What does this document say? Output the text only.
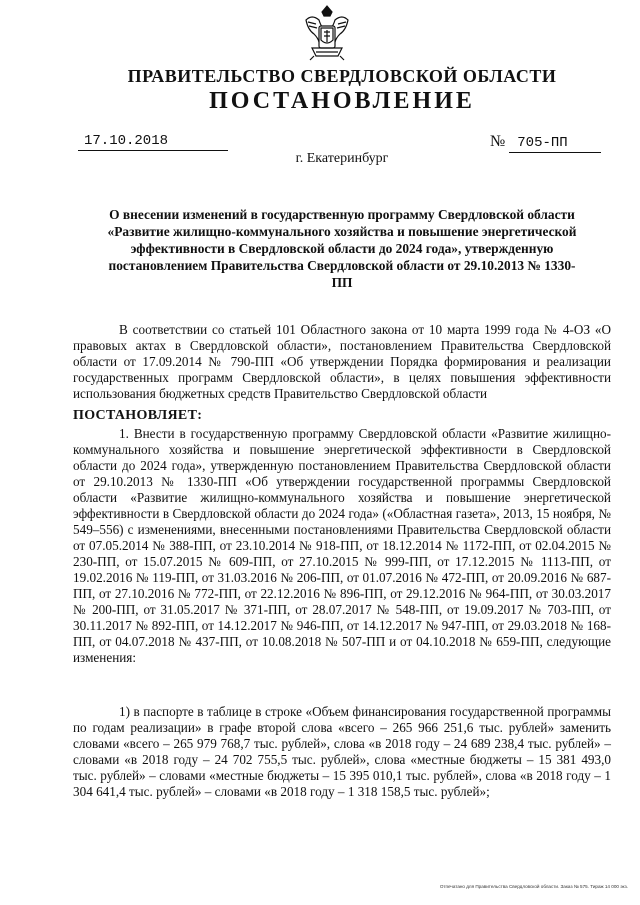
ПРАВИТЕЛЬСТВО СВЕРДЛОВСКОЙ ОБЛАСТИ
ПОСТАНОВЛЕНИЕ
17.10.2018	№ 705-ПП
г. Екатеринбург
О внесении изменений в государственную программу Свердловской области «Развитие жилищно-коммунального хозяйства и повышение энергетической эффективности в Свердловской области до 2024 года», утвержденную постановлением Правительства Свердловской области от 29.10.2013 № 1330-ПП

В соответствии со статьей 101 Областного закона от 10 марта 1999 года № 4-ОЗ «О правовых актах в Свердловской области», постановлением Правительства Свердловской области от 17.09.2014 № 790-ПП «Об утверждении Порядка формирования и реализации государственных программ Свердловской области», в целях повышения эффективности использования бюджетных средств Правительство Свердловской области

ПОСТАНОВЛЯЕТ:

1. Внести в государственную программу Свердловской области «Развитие жилищно-коммунального хозяйства и повышение энергетической эффективности в Свердловской области до 2024 года», утвержденную постановлением Правительства Свердловской области от 29.10.2013 № 1330-ПП «Об утверждении государственной программы Свердловской области «Развитие жилищно-коммунального хозяйства и повышение энергетической эффективности в Свердловской области до 2024 года» («Областная газета», 2013, 15 ноября, № 549–556) с изменениями, внесенными постановлениями Правительства Свердловской области от 07.05.2014 № 388-ПП, от 23.10.2014 № 918-ПП, от 18.12.2014 № 1172-ПП, от 02.04.2015 № 230-ПП, от 15.07.2015 № 609-ПП, от 27.10.2015 № 999-ПП, от 17.12.2015 № 1113-ПП, от 19.02.2016 № 119-ПП, от 31.03.2016 № 206-ПП, от 01.07.2016 № 472-ПП, от 20.09.2016 № 687-ПП, от 27.10.2016 № 772-ПП, от 22.12.2016 № 896-ПП, от 29.12.2016 № 964-ПП, от 30.03.2017 № 200-ПП, от 31.05.2017 № 371-ПП, от 28.07.2017 № 548-ПП, от 19.09.2017 № 703-ПП, от 30.11.2017 № 892-ПП, от 14.12.2017 № 946-ПП, от 14.12.2017 № 947-ПП, от 29.03.2018 № 168-ПП, от 04.07.2018 № 437-ПП, от 10.08.2018 № 507-ПП и от 04.10.2018 № 659-ПП, следующие изменения:

1) в паспорте в таблице в строке «Объем финансирования государственной программы по годам реализации» в графе второй слова «всего – 265 966 251,6 тыс. рублей» заменить словами «всего – 265 979 768,7 тыс. рублей», слова «в 2018 году – 24 689 238,4 тыс. рублей» – словами «в 2018 году – 24 702 755,5 тыс. рублей», слова «местные бюджеты – 15 381 493,0 тыс. рублей» – словами «местные бюджеты – 15 395 010,1 тыс. рублей», слова «в 2018 году – 1 304 641,4 тыс. рублей» – словами «в 2018 году – 1 318 158,5 тыс. рублей»;

Отпечатано для Правительства Свердловской области. Заказ № 575. Тираж 14 000 экз.
